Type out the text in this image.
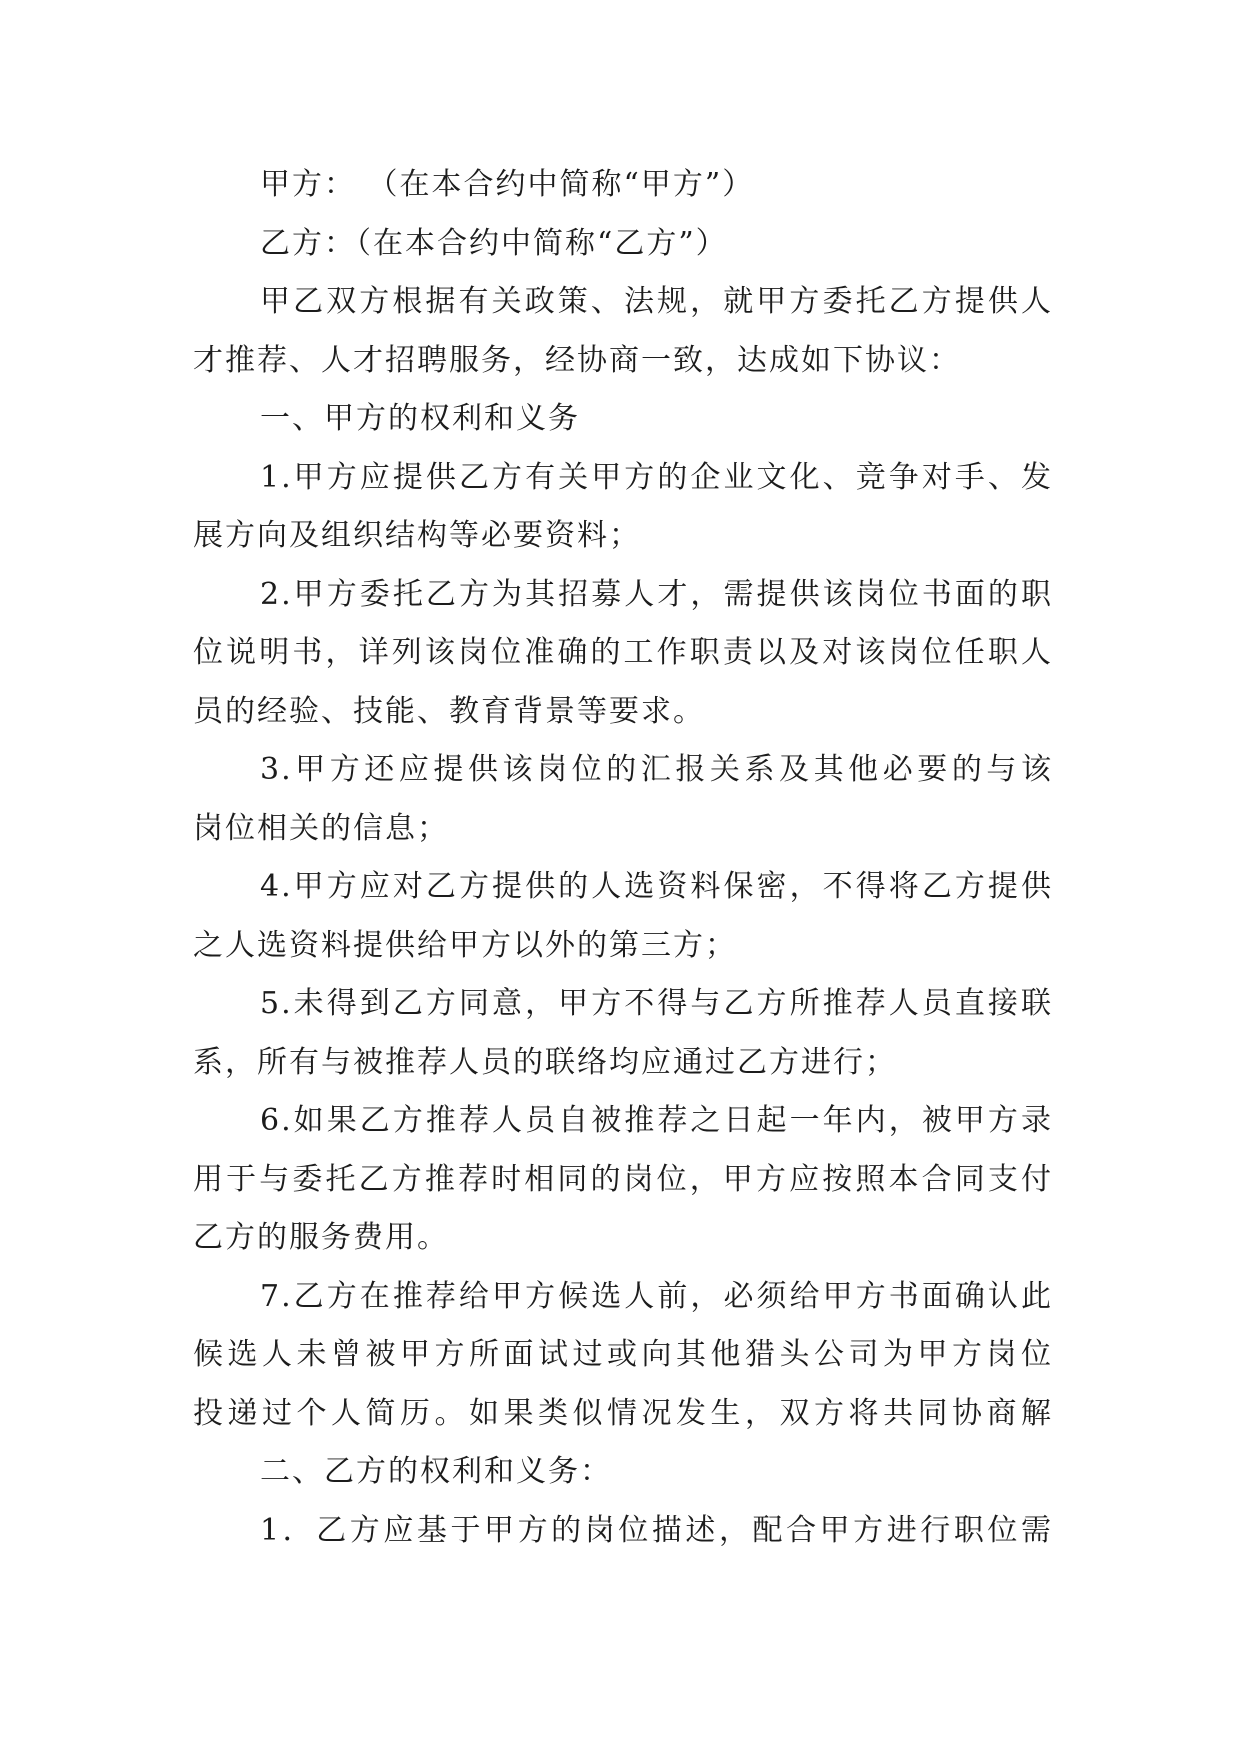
甲方： （在本合约中简称“甲方”）
乙方：（在本合约中简称“乙方”）
甲乙双方根据有关政策、法规，就甲方委托乙方提供人
才推荐、人才招聘服务，经协商一致，达成如下协议：
一、甲方的权利和义务
1.甲方应提供乙方有关甲方的企业文化、竞争对手、发
展方向及组织结构等必要资料；
2.甲方委托乙方为其招募人才，需提供该岗位书面的职
位说明书，详列该岗位准确的工作职责以及对该岗位任职人
员的经验、技能、教育背景等要求。
3.甲方还应提供该岗位的汇报关系及其他必要的与该
岗位相关的信息；
4.甲方应对乙方提供的人选资料保密，不得将乙方提供
之人选资料提供给甲方以外的第三方；
5.未得到乙方同意，甲方不得与乙方所推荐人员直接联
系，所有与被推荐人员的联络均应通过乙方进行；
6.如果乙方推荐人员自被推荐之日起一年内，被甲方录
用于与委托乙方推荐时相同的岗位，甲方应按照本合同支付
乙方的服务费用。
7.乙方在推荐给甲方候选人前，必须给甲方书面确认此
候选人未曾被甲方所面试过或向其他猎头公司为甲方岗位
投递过个人简历。如果类似情况发生，双方将共同协商解
二、乙方的权利和义务：
1．乙方应基于甲方的岗位描述，配合甲方进行职位需
